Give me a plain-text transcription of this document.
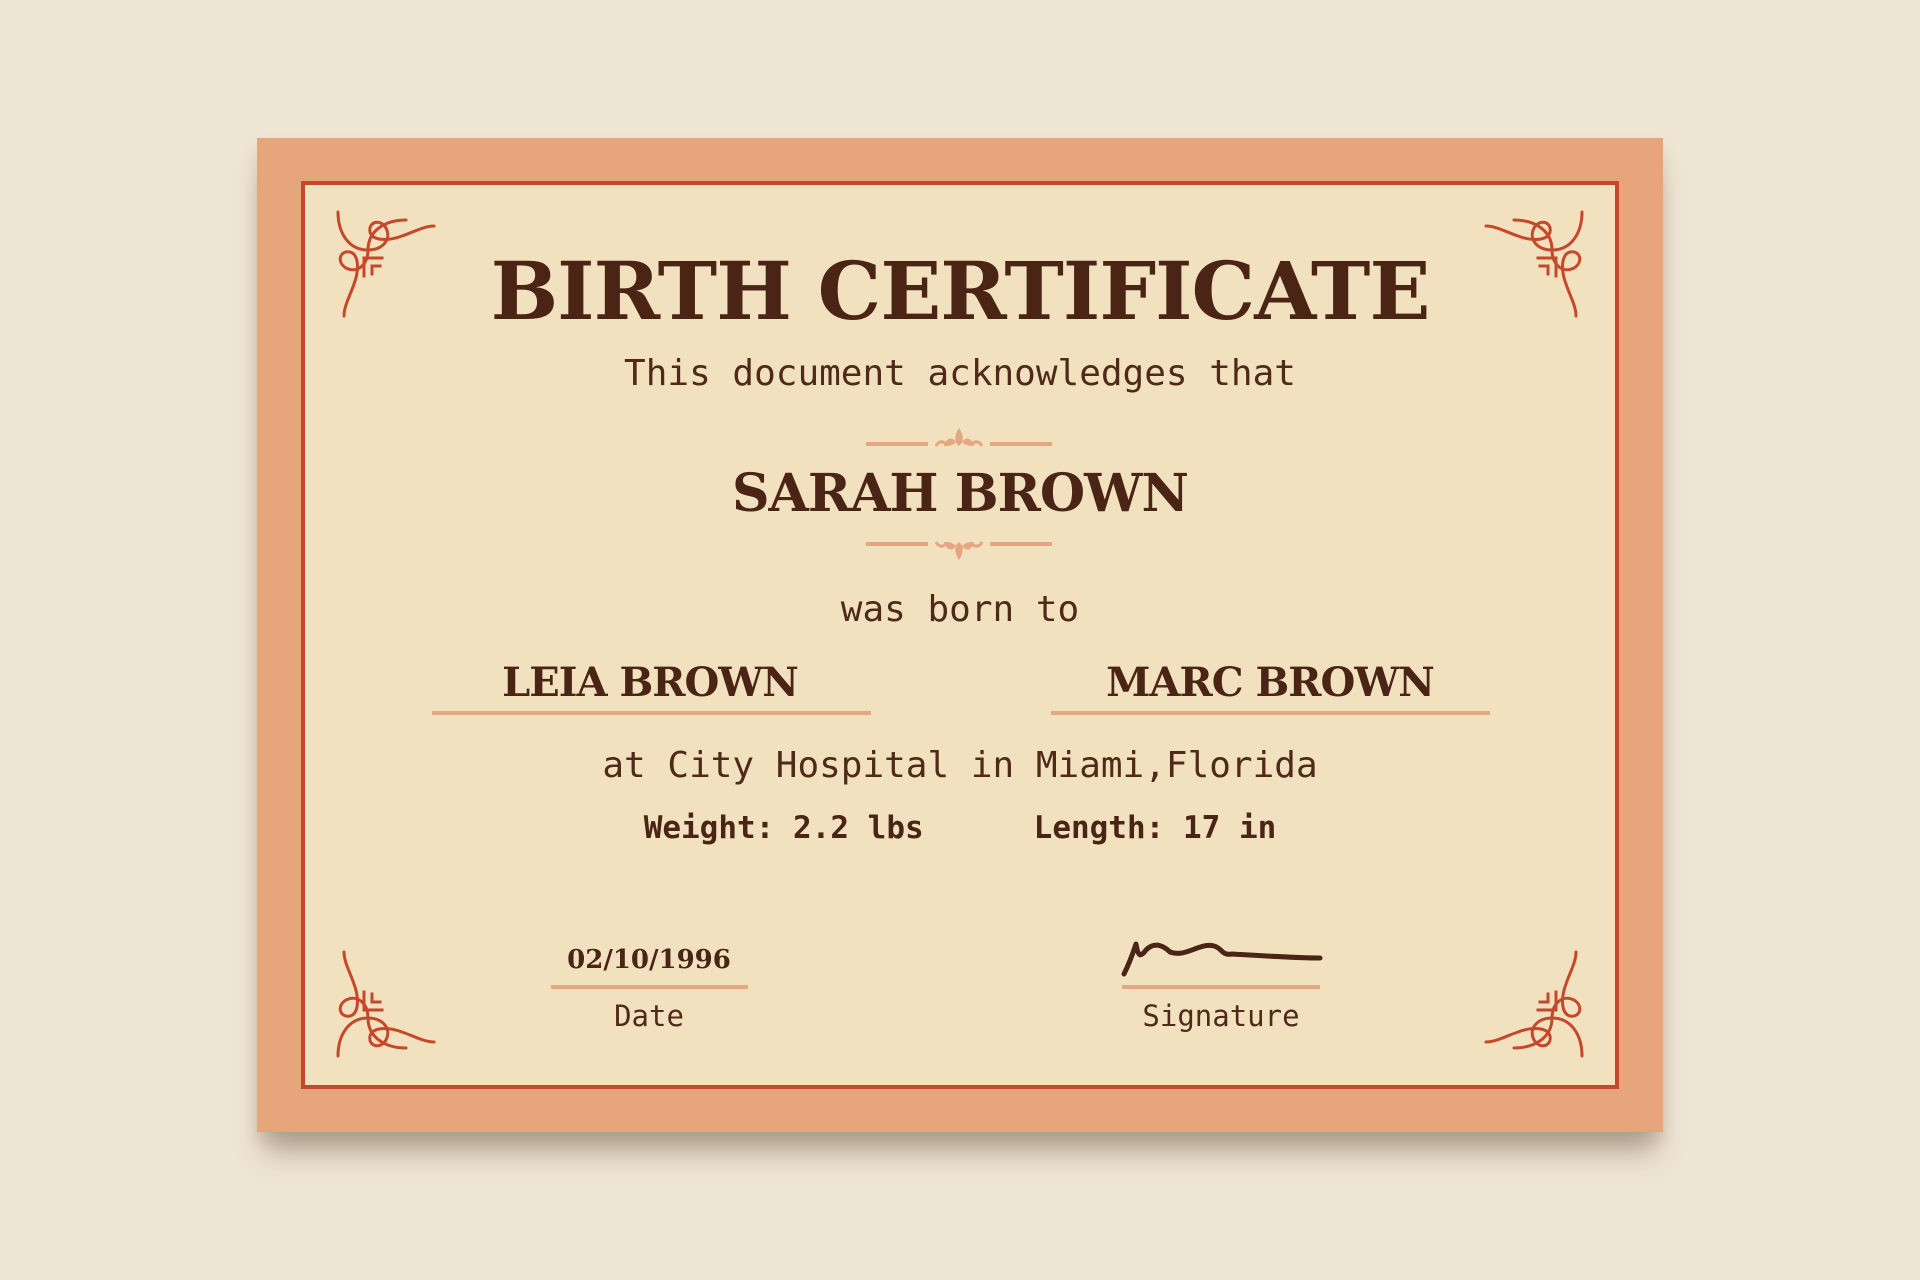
BIRTH CERTIFICATE
This document acknowledges that
SARAH BROWN
was born to
LEIA BROWN	MARC BROWN
at City Hospital in Miami,Florida
Weight: 2.2 lbs	Length: 17 in
02/10/1996
Date	Signature
